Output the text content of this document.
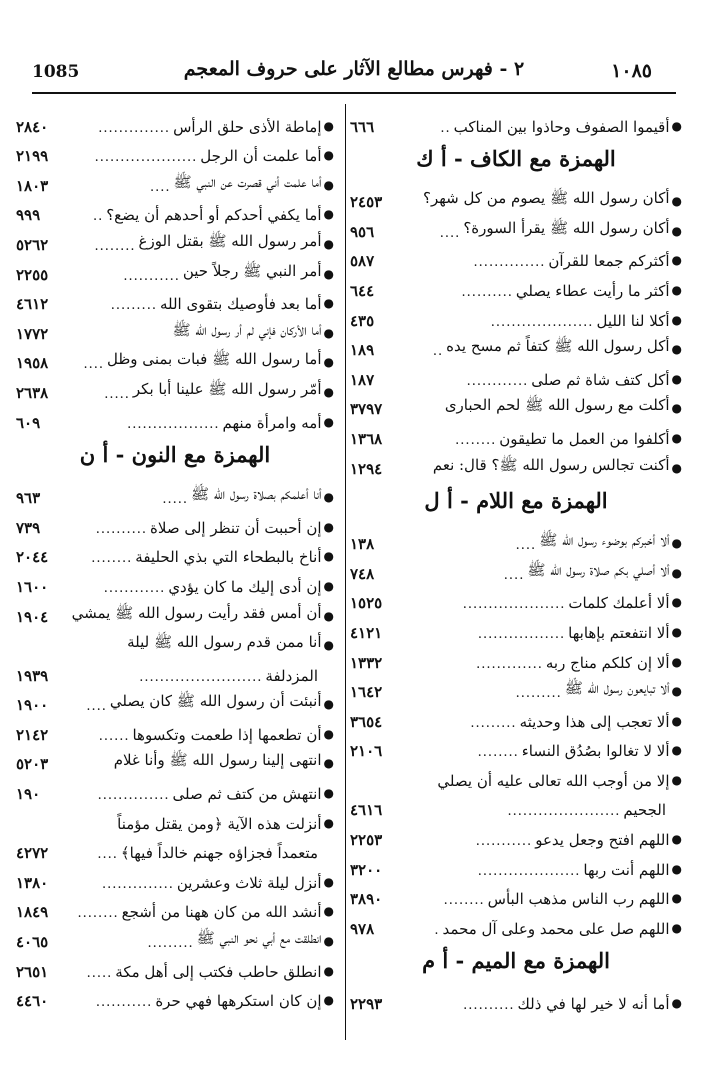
١٠٨٥
٢ - فهرس مطالع الآثار على حروف المعجم
1085
●
أقيموا الصفوف وحاذوا بين المناكب
..
٦٦٦
الهمزة مع الكاف - أ ك
●
أكان رسول الله ﷺ يصوم من كل شهر؟
٢٤٥٣
●
أكان رسول الله ﷺ يقرأ السورة؟
....
٩٥٦
●
أكثركم جمعا للقرآن
..............
٥٨٧
●
أكثر ما رأيت عطاء يصلي
..........
٦٤٤
●
أكلا لنا الليل
....................
٤٣٥
●
أكل رسول الله ﷺ كتفاً ثم مسح يده
..
١٨٩
●
أكل كتف شاة ثم صلى
............
١٨٧
●
أكلت مع رسول الله ﷺ لحم الحبارى
٣٧٩٧
●
أكلفوا من العمل ما تطيقون
........
١٣٦٨
●
أكنت تجالس رسول الله ﷺ؟ قال: نعم
١٢٩٤
الهمزة مع اللام - أ ل
●
ألا أخبركم بوضوء رسول الله ﷺ
....
١٣٨
●
ألا أصلي بكم صلاة رسول الله ﷺ
....
٧٤٨
●
ألا أعلمك كلمات
....................
١٥٢٥
●
ألا انتفعتم بإهابها
.................
٤١٢١
●
ألا إن كلكم مناج ربه
.............
١٣٣٢
●
ألا تبايعون رسول الله ﷺ
.........
١٦٤٢
●
ألا تعجب إلى هذا وحديثه
.........
٣٦٥٤
●
ألا لا تغالوا بصُدُق النساء
........
٢١٠٦
●
إلا من أوجب الله تعالى عليه أن يصلي
الجحيم
......................
٤٦١٦
●
اللهم افتح وجعل يدعو
...........
٢٢٥٣
●
اللهم أنت ربها
....................
٣٢٠٠
●
اللهم رب الناس مذهب البأس
........
٣٨٩٠
●
اللهم صل على محمد وعلى آل محمد
.
٩٧٨
الهمزة مع الميم - أ م
●
أما أنه لا خير لها في ذلك
..........
٢٢٩٣
●
إماطة الأذى حلق الرأس
..............
٢٨٤٠
●
أما علمت أن الرجل
....................
٢١٩٩
●
أما علمت أني قصرت عن النبي ﷺ
....
١٨٠٣
●
أما يكفي أحدكم أو أحدهم أن يضع؟
..
٩٩٩
●
أمر رسول الله ﷺ بقتل الوزغ
........
٥٢٦٢
●
أمر النبي ﷺ رجلاً حين
...........
٢٢٥٥
●
أما بعد فأوصيك بتقوى الله
.........
٤٦١٢
●
أما الأركان فإني لم أر رسول الله ﷺ
١٧٧٢
●
أما رسول الله ﷺ فبات بمنى وظل
....
١٩٥٨
●
أمّر رسول الله ﷺ علينا أبا بكر
.....
٢٦٣٨
●
أمه وامرأة منهم
..................
٦٠٩
الهمزة مع النون - أ ن
●
أنا أعلمكم بصلاة رسول الله ﷺ
.....
٩٦٣
●
إن أحببت أن تنظر إلى صلاة
..........
٧٣٩
●
أناخ بالبطحاء التي بذي الحليفة
........
٢٠٤٤
●
إن أدى إليك ما كان يؤدي
............
١٦٠٠
●
أن أمس فقد رأيت رسول الله ﷺ يمشي
١٩٠٤
●
أنا ممن قدم رسول الله ﷺ ليلة
المزدلفة
........................
١٩٣٩
●
أنبئت أن رسول الله ﷺ كان يصلي
....
١٩٠٠
●
أن تطعمها إذا طعمت وتكسوها
......
٢١٤٢
●
انتهى إلينا رسول الله ﷺ وأنا غلام
٥٢٠٣
●
انتهش من كتف ثم صلى
..............
١٩٠
●
أنزلت هذه الآية ﴿ومن يقتل مؤمناً
متعمداً فجزاؤه جهنم خالداً فيها﴾
....
٤٢٧٢
●
أنزل ليلة ثلاث وعشرين
..............
١٣٨٠
●
أنشد الله من كان ههنا من أشجع
........
١٨٤٩
●
انطلقت مع أبي نحو النبي ﷺ
.........
٤٠٦٥
●
انطلق حاطب فكتب إلى أهل مكة
.....
٢٦٥١
●
إن كان استكرهها فهي حرة
...........
٤٤٦٠
